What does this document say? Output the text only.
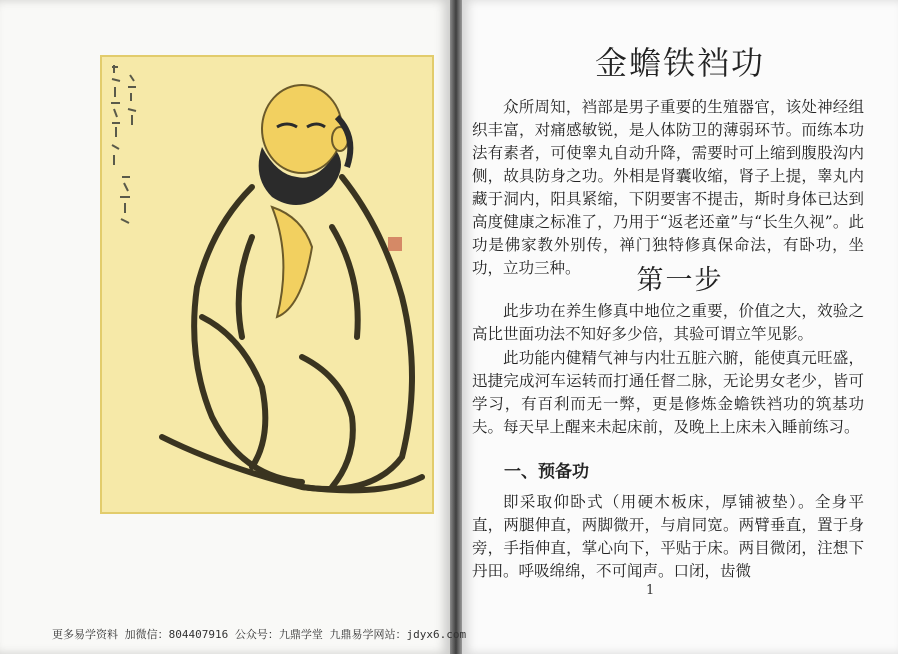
金蟾铁裆功

众所周知，裆部是男子重要的生殖器官，该处神经组织丰富，对痛感敏锐，是人体防卫的薄弱环节。而练本功法有素者，可使睾丸自动升降，需要时可上缩到腹股沟内侧，故具防身之功。外相是肾囊收缩，肾子上提，睾丸内藏于洞内，阳具紧缩，下阴要害不提击，斯时身体已达到高度健康之标准了，乃用于“返老还童”与“长生久视”。此功是佛家教外别传，禅门独特修真保命法，有卧功，坐功，立功三种。	第一步

此步功在养生修真中地位之重要，价值之大，效验之高比世面功法不知好多少倍，其验可谓立竿见影。

此功能内健精气神与内壮五脏六腑，能使真元旺盛，迅捷完成河车运转而打通任督二脉，无论男女老少，皆可学习，有百利而无一弊，更是修炼金蟾铁裆功的筑基功夫。每天早上醒来未起床前，及晚上上床未入睡前练习。

一、预备功

即采取仰卧式（用硬木板床，厚铺被垫）。全身平直，两腿伸直，两脚微开，与肩同宽。两臂垂直，置于身旁，手指伸直，掌心向下，平贴于床。两目微闭，注想下丹田。呼吸绵绵，不可闻声。口闭，齿微

1
更多易学资料 加微信：804407916 公众号：九鼎学堂 九鼎易学网站：jdyx6.com
